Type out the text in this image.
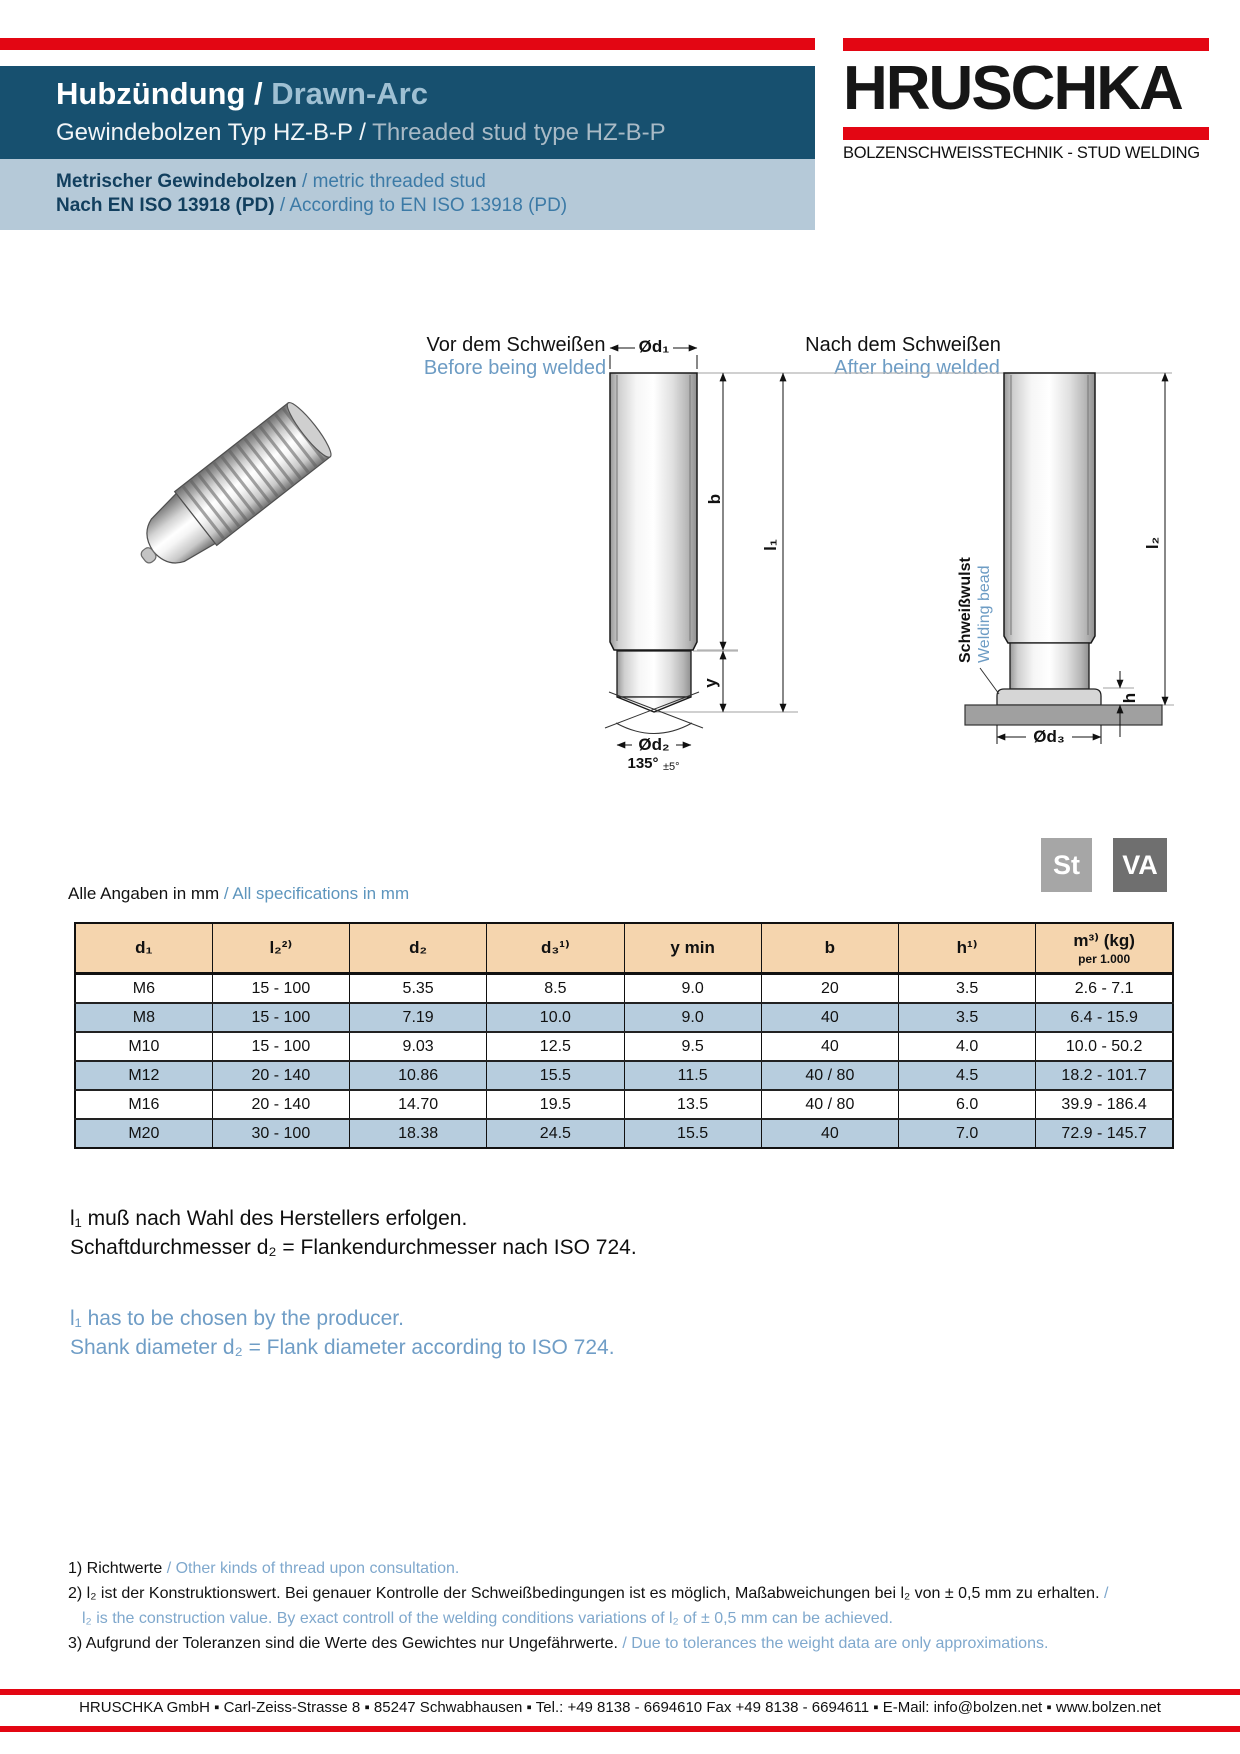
HRUSCHKA
BOLZENSCHWEISSTECHNIK - STUD WELDING
Hubzündung / Drawn-Arc
Gewindebolzen Typ HZ-B-P / Threaded stud type HZ-B-P
Metrischer Gewindebolzen / metric threaded stud
Nach EN ISO 13918 (PD) / According to EN ISO 13918 (PD)
Vor dem Schweißen
Before being welded
Nach dem Schweißen
After being welded
Ød₁
b
y
l₁
Ød₂
135° ±5°
Schweißwulst Welding bead
l₂
h
Ød₃
Alle Angaben in mm / All specifications in mm
St	VA
d₁	l₂²⁾	d₂	d₃¹⁾	y min	b	h¹⁾	m³⁾ (kg)
per 1.000

M6	15 - 100	5.35	8.5	9.0	20	3.5	2.6 - 7.1
M8	15 - 100	7.19	10.0	9.0	40	3.5	6.4 - 15.9
M10	15 - 100	9.03	12.5	9.5	40	4.0	10.0 - 50.2
M12	20 - 140	10.86	15.5	11.5	40 / 80	4.5	18.2 - 101.7
M16	20 - 140	14.70	19.5	13.5	40 / 80	6.0	39.9 - 186.4
M20	30 - 100	18.38	24.5	15.5	40	7.0	72.9 - 145.7
l₁ muß nach Wahl des Herstellers erfolgen.
Schaftdurchmesser d₂ = Flankendurchmesser nach ISO 724.
l₁ has to be chosen by the producer.
Shank diameter d₂ = Flank diameter according to ISO 724.
1) Richtwerte / Other kinds of thread upon consultation.
2) l₂ ist der Konstruktionswert. Bei genauer Kontrolle der Schweißbedingungen ist es möglich, Maßabweichungen bei l₂ von ± 0,5 mm zu erhalten. /
l₂ is the construction value. By exact controll of the welding conditions variations of l₂ of ± 0,5 mm can be achieved.
3) Aufgrund der Toleranzen sind die Werte des Gewichtes nur Ungefährwerte. / Due to tolerances the weight data are only approximations.
HRUSCHKA GmbH ▪ Carl-Zeiss-Strasse 8 ▪ 85247 Schwabhausen ▪ Tel.: +49 8138 - 6694610 Fax +49 8138 - 6694611 ▪ E-Mail: info@bolzen.net ▪ www.bolzen.net
